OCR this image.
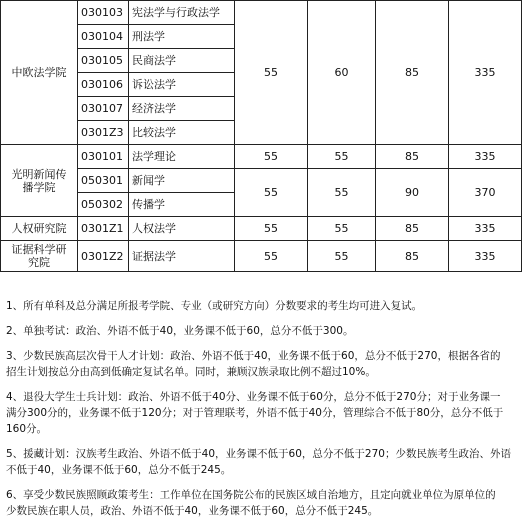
中欧法学院	030103	宪法学与行政法学	55	60	85	335
	030104	刑法学				
	030105	民商法学				
	030106	诉讼法学				
	030107	经济法学				
	0301Z3	比较法学				
光明新闻传播学院	030101	法学理论	55	55	85	335
	050301	新闻学	55	55	90	370
	050302	传播学				
人权研究院	0301Z1	人权法学	55	55	85	335
证据科学研究院	0301Z2	证据法学	55	55	85	335

1、所有单科及总分满足所报考学院、专业（或研究方向）分数要求的考生均可进入复试。

2、单独考试：政治、外语不低于40，业务课不低于60，总分不低于300。

3、少数民族高层次骨干人才计划：政治、外语不低于40，业务课不低于60，总分不低于270，根据各省的
招生计划按总分由高到低确定复试名单。同时，兼顾汉族录取比例不超过10%。

4、退役大学生士兵计划：政治、外语不低于40分、业务课不低于60分，总分不低于270分；对于业务课一
满分300分的，业务课不低于120分；对于管理联考，外语不低于40分，管理综合不低于80分，总分不低于
160分。

5、援藏计划：汉族考生政治、外语不低于40，业务课不低于60，总分不低于270；少数民族考生政治、外语
不低于40，业务课不低于60，总分不低于245。

6、享受少数民族照顾政策考生：工作单位在国务院公布的民族区域自治地方，且定向就业单位为原单位的
少数民族在职人员，政治、外语不低于40，业务课不低于60，总分不低于245。
